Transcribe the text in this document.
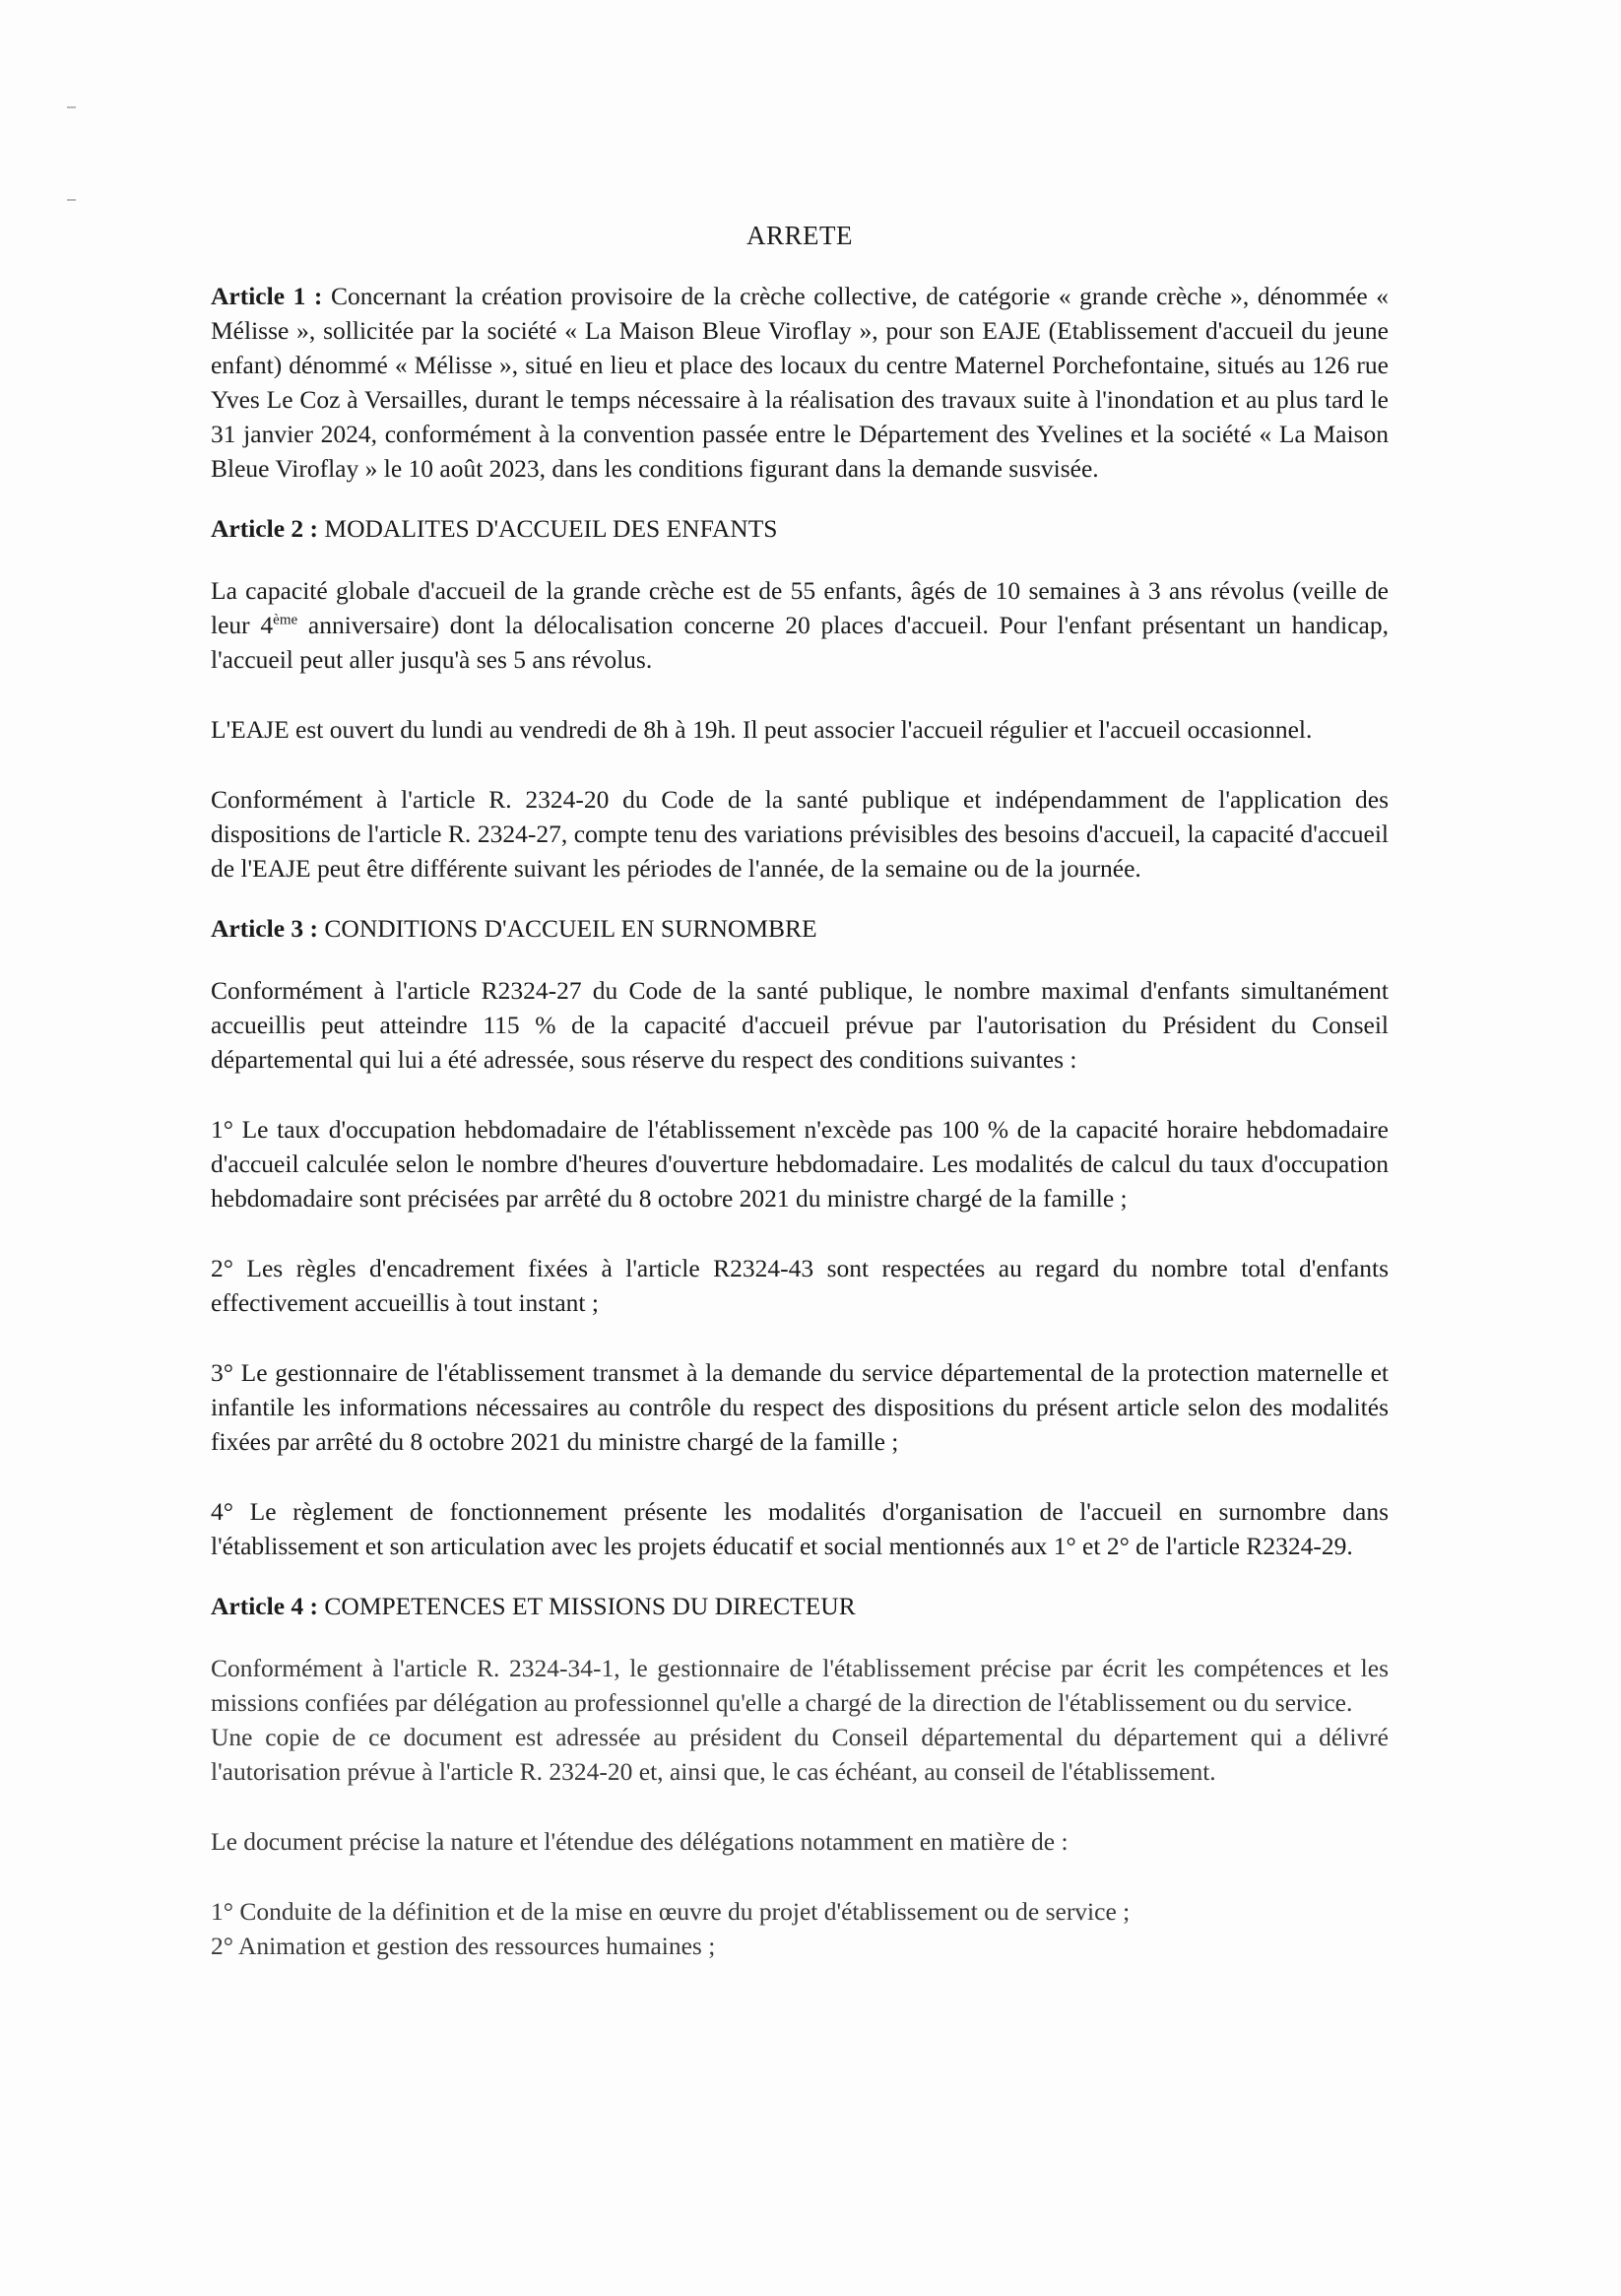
ARRETE

Article 1 : Concernant la création provisoire de la crèche collective, de catégorie « grande crèche », dénommée « Mélisse », sollicitée par la société « La Maison Bleue Viroflay », pour son EAJE (Etablissement d'accueil du jeune enfant) dénommé « Mélisse », situé en lieu et place des locaux du centre Maternel Porchefontaine, situés au 126 rue Yves Le Coz à Versailles, durant le temps nécessaire à la réalisation des travaux suite à l'inondation et au plus tard le 31 janvier 2024, conformément à la convention passée entre le Département des Yvelines et la société « La Maison Bleue Viroflay » le 10 août 2023, dans les conditions figurant dans la demande susvisée.

Article 2 : MODALITES D'ACCUEIL DES ENFANTS

La capacité globale d'accueil de la grande crèche est de 55 enfants, âgés de 10 semaines à 3 ans révolus (veille de leur 4ème anniversaire) dont la délocalisation concerne 20 places d'accueil. Pour l'enfant présentant un handicap, l'accueil peut aller jusqu'à ses 5 ans révolus.

L'EAJE est ouvert du lundi au vendredi de 8h à 19h. Il peut associer l'accueil régulier et l'accueil occasionnel.

Conformément à l'article R. 2324-20 du Code de la santé publique et indépendamment de l'application des dispositions de l'article R. 2324-27, compte tenu des variations prévisibles des besoins d'accueil, la capacité d'accueil de l'EAJE peut être différente suivant les périodes de l'année, de la semaine ou de la journée.

Article 3 : CONDITIONS D'ACCUEIL EN SURNOMBRE

Conformément à l'article R2324-27 du Code de la santé publique, le nombre maximal d'enfants simultanément accueillis peut atteindre 115 % de la capacité d'accueil prévue par l'autorisation du Président du Conseil départemental qui lui a été adressée, sous réserve du respect des conditions suivantes :

1° Le taux d'occupation hebdomadaire de l'établissement n'excède pas 100 % de la capacité horaire hebdomadaire d'accueil calculée selon le nombre d'heures d'ouverture hebdomadaire. Les modalités de calcul du taux d'occupation hebdomadaire sont précisées par arrêté du 8 octobre 2021 du ministre chargé de la famille ;

2° Les règles d'encadrement fixées à l'article R2324-43 sont respectées au regard du nombre total d'enfants effectivement accueillis à tout instant ;

3° Le gestionnaire de l'établissement transmet à la demande du service départemental de la protection maternelle et infantile les informations nécessaires au contrôle du respect des dispositions du présent article selon des modalités fixées par arrêté du 8 octobre 2021 du ministre chargé de la famille ;

4° Le règlement de fonctionnement présente les modalités d'organisation de l'accueil en surnombre dans l'établissement et son articulation avec les projets éducatif et social mentionnés aux 1° et 2° de l'article R2324-29.

Article 4 : COMPETENCES ET MISSIONS DU DIRECTEUR

Conformément à l'article R. 2324-34-1, le gestionnaire de l'établissement précise par écrit les compétences et les missions confiées par délégation au professionnel qu'elle a chargé de la direction de l'établissement ou du service.

Une copie de ce document est adressée au président du Conseil départemental du département qui a délivré l'autorisation prévue à l'article R. 2324-20 et, ainsi que, le cas échéant, au conseil de l'établissement.

Le document précise la nature et l'étendue des délégations notamment en matière de :

1° Conduite de la définition et de la mise en œuvre du projet d'établissement ou de service ;

2° Animation et gestion des ressources humaines ;
